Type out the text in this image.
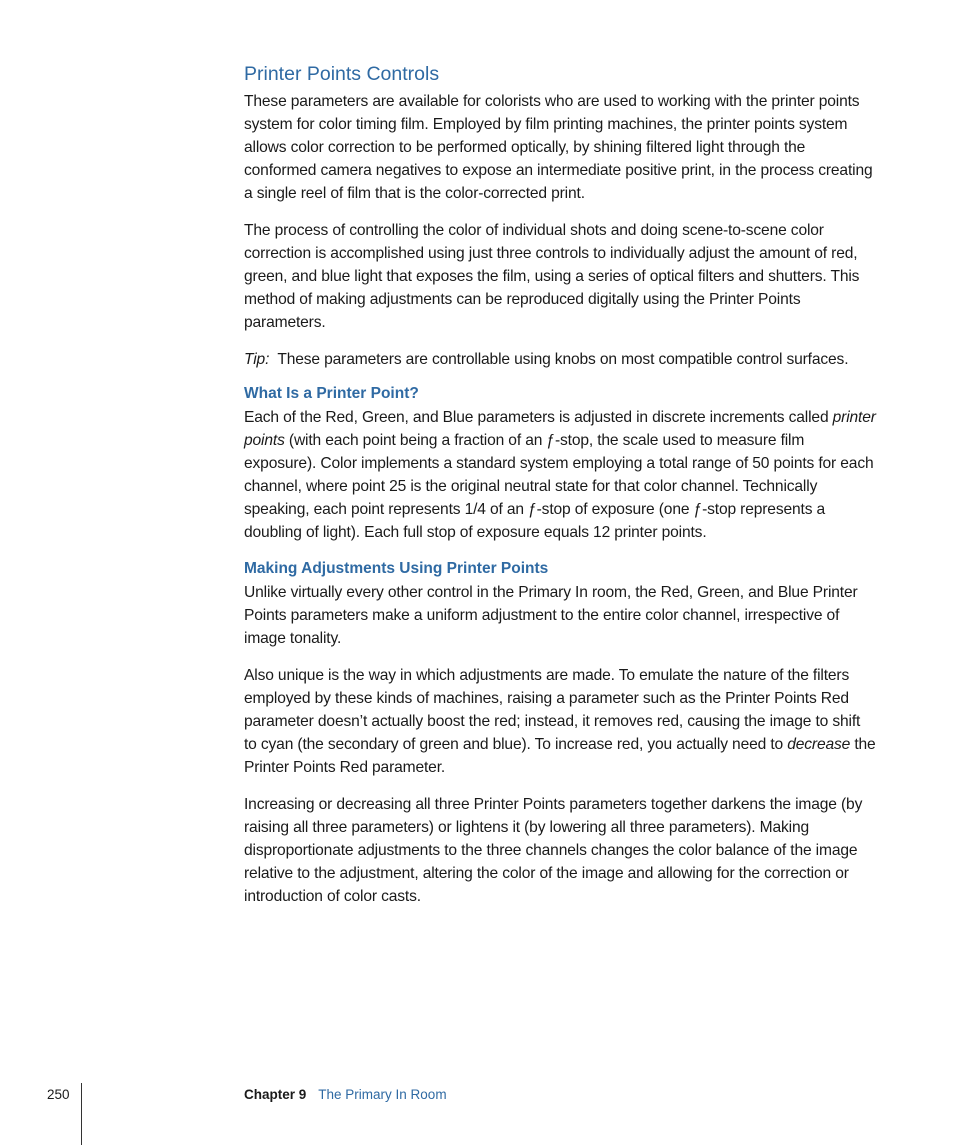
Printer Points Controls

These parameters are available for colorists who are used to working with the printer points system for color timing film. Employed by film printing machines, the printer points system allows color correction to be performed optically, by shining filtered light through the conformed camera negatives to expose an intermediate positive print, in the process creating a single reel of film that is the color-corrected print.

The process of controlling the color of individual shots and doing scene-to-scene color correction is accomplished using just three controls to individually adjust the amount of red, green, and blue light that exposes the film, using a series of optical filters and shutters. This method of making adjustments can be reproduced digitally using the Printer Points parameters.

Tip: These parameters are controllable using knobs on most compatible control surfaces.

What Is a Printer Point?

Each of the Red, Green, and Blue parameters is adjusted in discrete increments called printer points (with each point being a fraction of an ƒ-stop, the scale used to measure film exposure). Color implements a standard system employing a total range of 50 points for each channel, where point 25 is the original neutral state for that color channel. Technically speaking, each point represents 1/4 of an ƒ-stop of exposure (one ƒ-stop represents a doubling of light). Each full stop of exposure equals 12 printer points.

Making Adjustments Using Printer Points

Unlike virtually every other control in the Primary In room, the Red, Green, and Blue Printer Points parameters make a uniform adjustment to the entire color channel, irrespective of image tonality.

Also unique is the way in which adjustments are made. To emulate the nature of the filters employed by these kinds of machines, raising a parameter such as the Printer Points Red parameter doesn’t actually boost the red; instead, it removes red, causing the image to shift to cyan (the secondary of green and blue). To increase red, you actually need to decrease the Printer Points Red parameter.

Increasing or decreasing all three Printer Points parameters together darkens the image (by raising all three parameters) or lightens it (by lowering all three parameters). Making disproportionate adjustments to the three channels changes the color balance of the image relative to the adjustment, altering the color of the image and allowing for the correction or introduction of color casts.

250	Chapter 9 The Primary In Room
